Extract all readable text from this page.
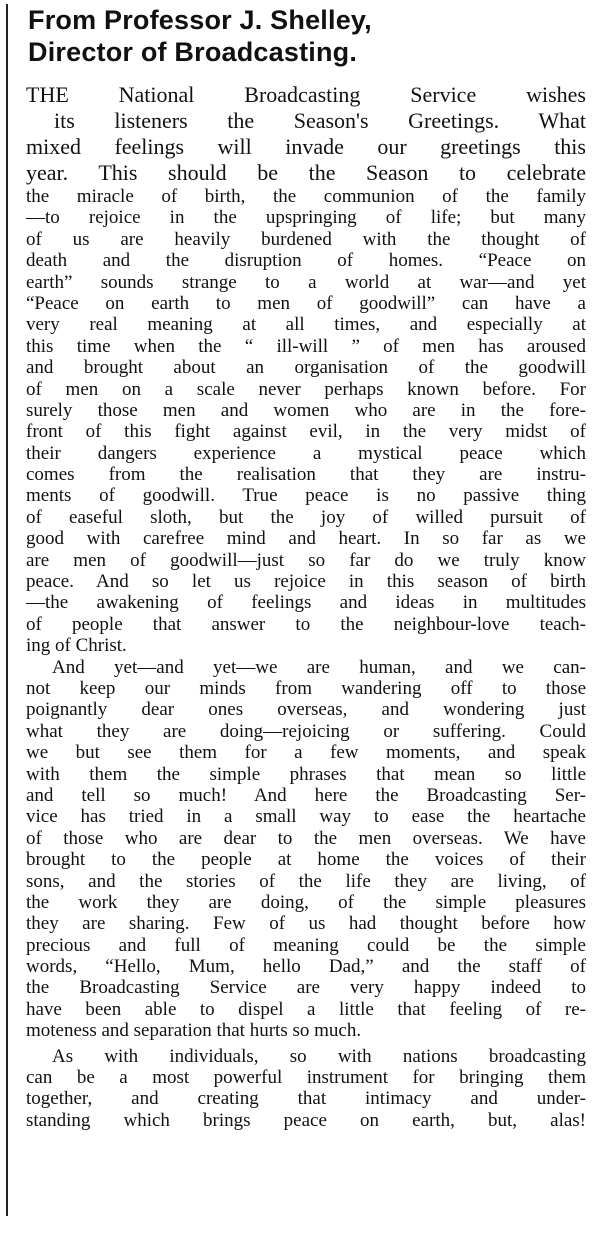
From Professor J. Shelley,
Director of Broadcasting.
THE National Broadcasting Service wishes
its listeners the Season's Greetings. What
mixed feelings will invade our greetings this
year. This should be the Season to celebrate
the miracle of birth, the communion of the family
—to rejoice in the upspringing of life; but many
of us are heavily burdened with the thought of
death and the disruption of homes. “Peace on
earth” sounds strange to a world at war—and yet
“Peace on earth to men of goodwill” can have a
very real meaning at all times, and especially at
this time when the “ ill-will ” of men has aroused
and brought about an organisation of the goodwill
of men on a scale never perhaps known before. For
surely those men and women who are in the fore-
front of this fight against evil, in the very midst of
their dangers experience a mystical peace which
comes from the realisation that they are instru-
ments of goodwill. True peace is no passive thing
of easeful sloth, but the joy of willed pursuit of
good with carefree mind and heart. In so far as we
are men of goodwill—just so far do we truly know
peace. And so let us rejoice in this season of birth
—the awakening of feelings and ideas in multitudes
of people that answer to the neighbour-love teach-
ing of Christ.
And yet—and yet—we are human, and we can-
not keep our minds from wandering off to those
poignantly dear ones overseas, and wondering just
what they are doing—rejoicing or suffering. Could
we but see them for a few moments, and speak
with them the simple phrases that mean so little
and tell so much! And here the Broadcasting Ser-
vice has tried in a small way to ease the heartache
of those who are dear to the men overseas. We have
brought to the people at home the voices of their
sons, and the stories of the life they are living, of
the work they are doing, of the simple pleasures
they are sharing. Few of us had thought before how
precious and full of meaning could be the simple
words, “Hello, Mum, hello Dad,” and the staff of
the Broadcasting Service are very happy indeed to
have been able to dispel a little that feeling of re-
moteness and separation that hurts so much.
As with individuals, so with nations broadcasting
can be a most powerful instrument for bringing them
together, and creating that intimacy and under-
standing which brings peace on earth, but, alas!
